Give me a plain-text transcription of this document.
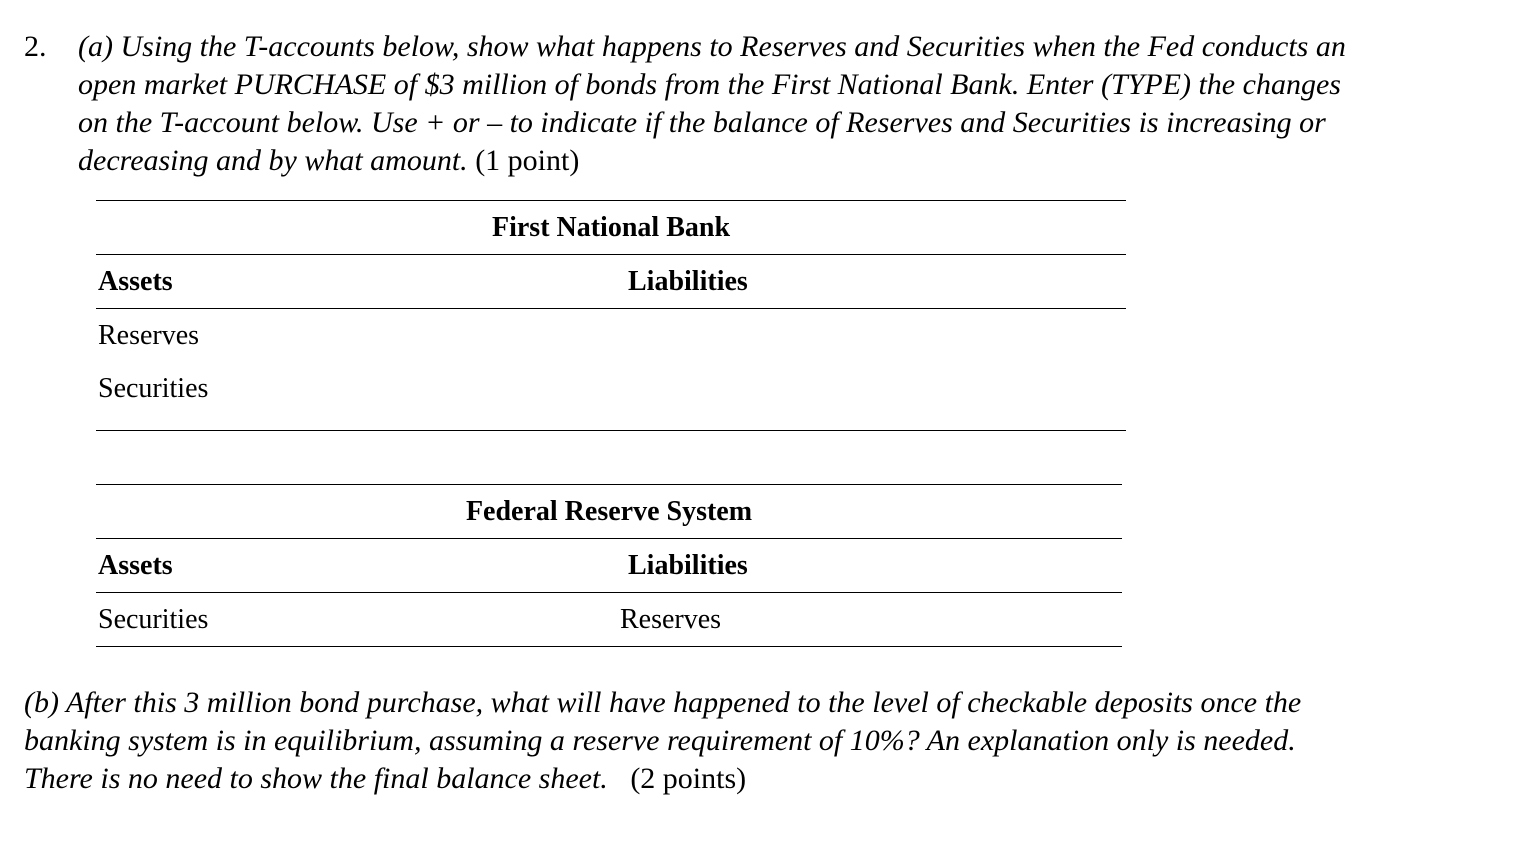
2. (a) Using the T-accounts below, show what happens to Reserves and Securities when the Fed conducts an
open market PURCHASE of $3 million of bonds from the First National Bank. Enter (TYPE) the changes
on the T-account below. Use + or – to indicate if the balance of Reserves and Securities is increasing or
decreasing and by what amount. (1 point)
First National Bank
Assets	Liabilities
Reserves
Securities
Federal Reserve System
Assets	Liabilities
Securities	Reserves
(b) After this 3 million bond purchase, what will have happened to the level of checkable deposits once the
banking system is in equilibrium, assuming a reserve requirement of 10%? An explanation only is needed.
There is no need to show the final balance sheet.   (2 points)
